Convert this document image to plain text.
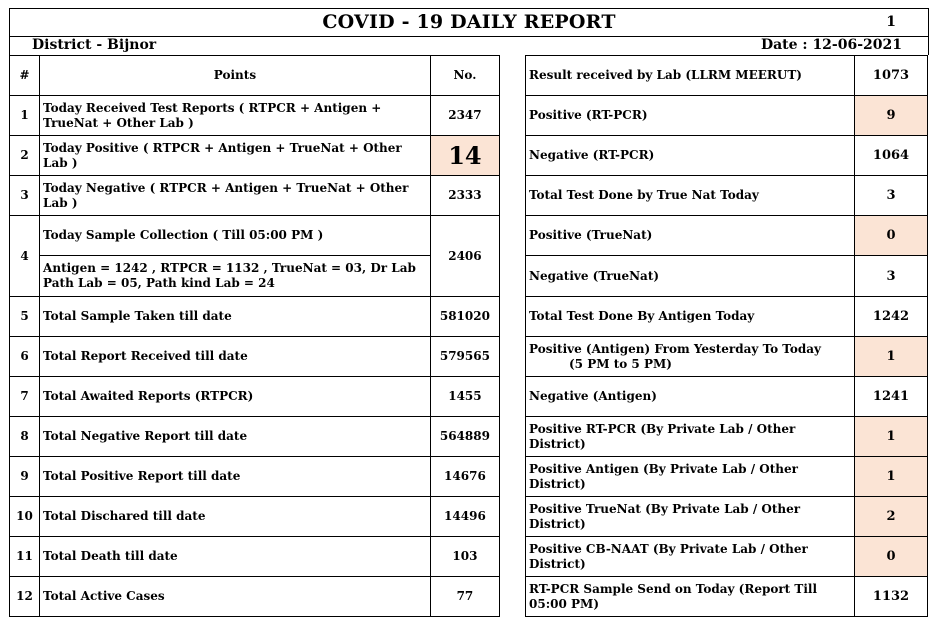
COVID - 19 DAILY REPORT	1
District - Bijnor	Date : 12-06-2021
#	Points	No.
1	Today Received Test Reports ( RTPCR + Antigen + TrueNat + Other Lab )	2347
2	Today Positive ( RTPCR + Antigen + TrueNat + Other Lab )	14
3	Today Negative ( RTPCR + Antigen + TrueNat + Other Lab )	2333
4	Today Sample Collection ( Till 05:00 PM )	2406
	Antigen = 1242 , RTPCR = 1132 , TrueNat = 03, Dr Lab Path Lab = 05, Path kind Lab = 24	
5	Total Sample Taken till date	581020
6	Total Report Received till date	579565
7	Total Awaited Reports (RTPCR)	1455
8	Total Negative Report till date	564889
9	Total Positive Report till date	14676
10	Total Dischared till date	14496
11	Total Death till date	103
12	Total Active Cases	77
Result received by Lab (LLRM MEERUT)	1073
Positive (RT-PCR)	9
Negative (RT-PCR)	1064
Total Test Done by True Nat Today	3
Positive (TrueNat)	0
Negative (TrueNat)	3
Total Test Done By Antigen Today	1242
Positive (Antigen) From Yesterday To Today
(5 PM to 5 PM)	1
Negative (Antigen)	1241
Positive RT-PCR (By Private Lab / Other District)	1
Positive Antigen (By Private Lab / Other District)	1
Positive TrueNat (By Private Lab / Other District)	2
Positive CB-NAAT (By Private Lab / Other District)	0
RT-PCR Sample Send on Today (Report Till 05:00 PM)	1132
